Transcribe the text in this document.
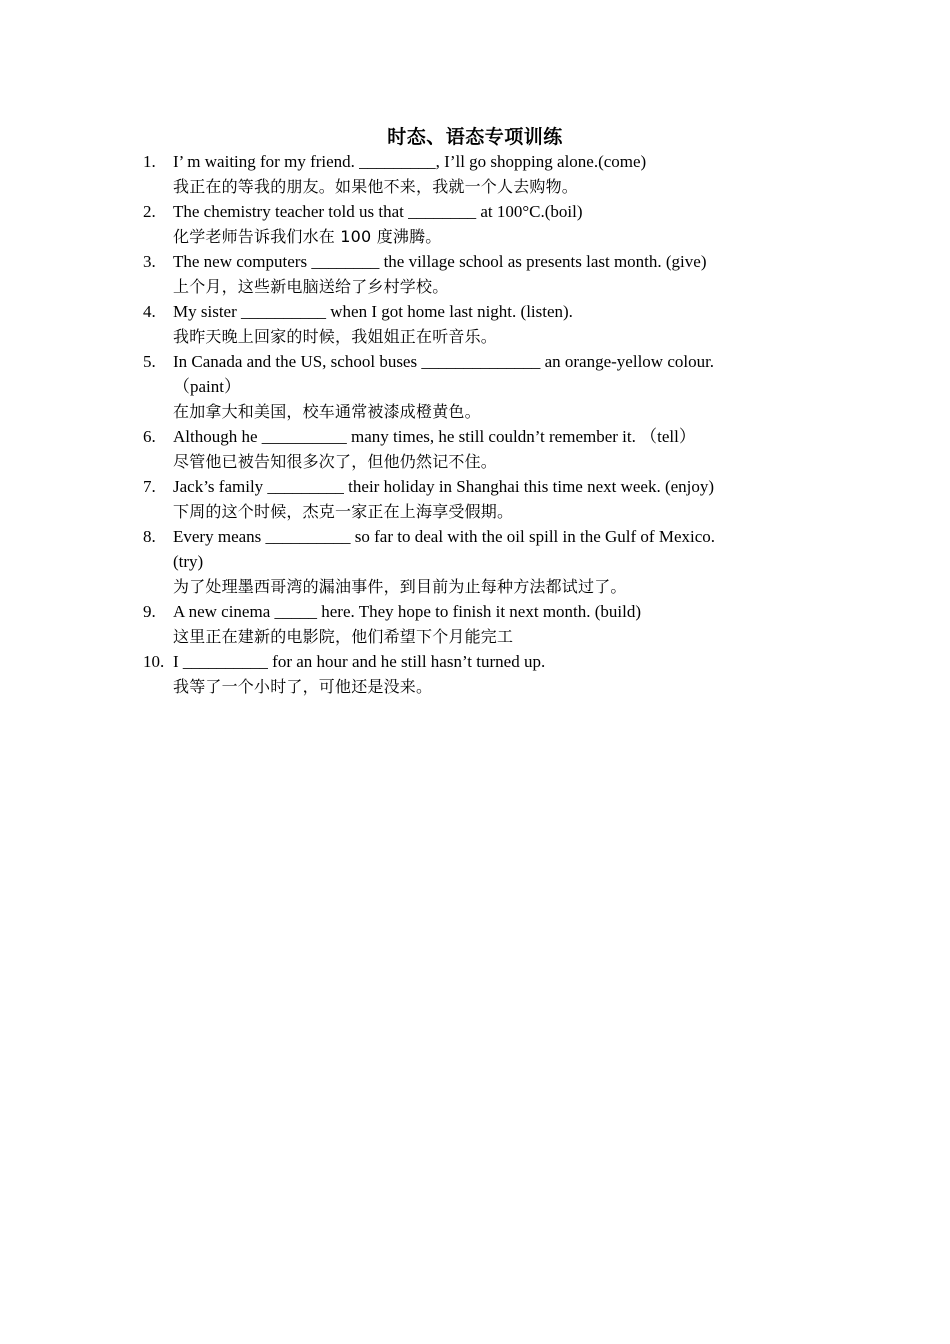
时态、语态专项训练
1.	I’ m waiting for my friend. _________, I’ll go shopping alone.(come)
我正在的等我的朋友。如果他不来，我就一个人去购物。
2.	The chemistry teacher told us that ________ at 100°C.(boil)
化学老师告诉我们水在 100 度沸腾。
3.	The new computers ________ the village school as presents last month. (give)
上个月，这些新电脑送给了乡村学校。
4.	My sister __________ when I got home last night. (listen).
我昨天晚上回家的时候，我姐姐正在听音乐。
5.	In Canada and the US, school buses ______________ an orange-yellow colour.
（paint）
在加拿大和美国，校车通常被漆成橙黄色。
6.	Although he __________ many times, he still couldn’t remember it. （tell）
尽管他已被告知很多次了，但他仍然记不住。
7.	Jack’s family _________ their holiday in Shanghai this time next week. (enjoy)
下周的这个时候，杰克一家正在上海享受假期。
8.	Every means __________ so far to deal with the oil spill in the Gulf of Mexico.
(try)
为了处理墨西哥湾的漏油事件，到目前为止每种方法都试过了。
9.	A new cinema _____ here. They hope to finish it next month. (build)
这里正在建新的电影院，他们希望下个月能完工
10. I __________ for an hour and he still hasn’t turned up.
我等了一个小时了，可他还是没来。
